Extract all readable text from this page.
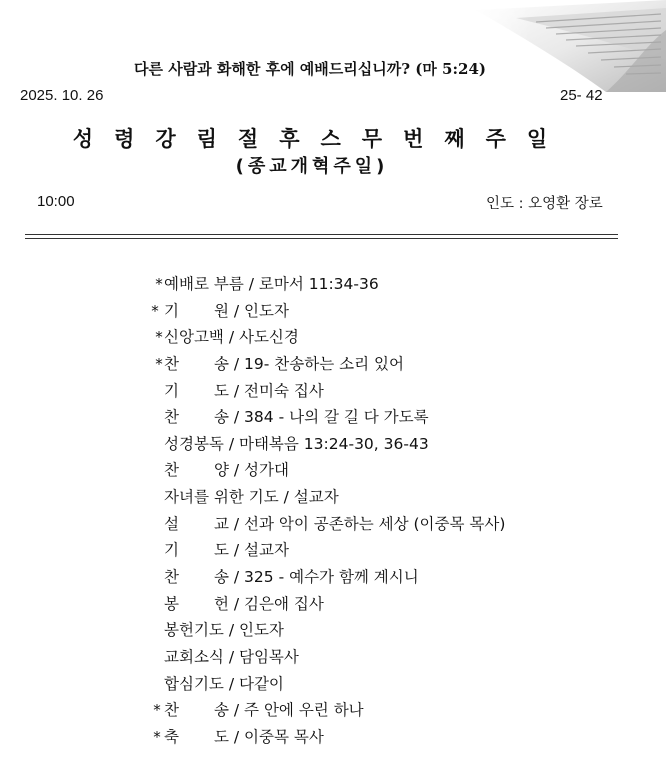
다른 사람과 화해한 후에 예배드리십니까? (마 5:24)
2025. 10. 26	25- 42
성령강림절후스무번째주일
(종교개혁주일)
10:00	인도 : 오영환 장로
* 예배로 부름 / 로마서 11:34-36
* 기 원 / 인도자
* 신앙고백 / 사도신경
* 찬 송 / 19- 찬송하는 소리 있어
기 도 / 전미숙 집사
찬 송 / 384 - 나의 갈 길 다 가도록
성경봉독 / 마태복음 13:24-30, 36-43
찬 양 / 성가대
자녀를 위한 기도 / 설교자
설 교 / 선과 악이 공존하는 세상 (이중목 목사)
기 도 / 설교자
찬 송 / 325 - 예수가 함께 계시니
봉 헌 / 김은애 집사
봉헌기도 / 인도자
교회소식 / 담임목사
합심기도 / 다같이
* 찬 송 / 주 안에 우린 하나
* 축 도 / 이중목 목사
